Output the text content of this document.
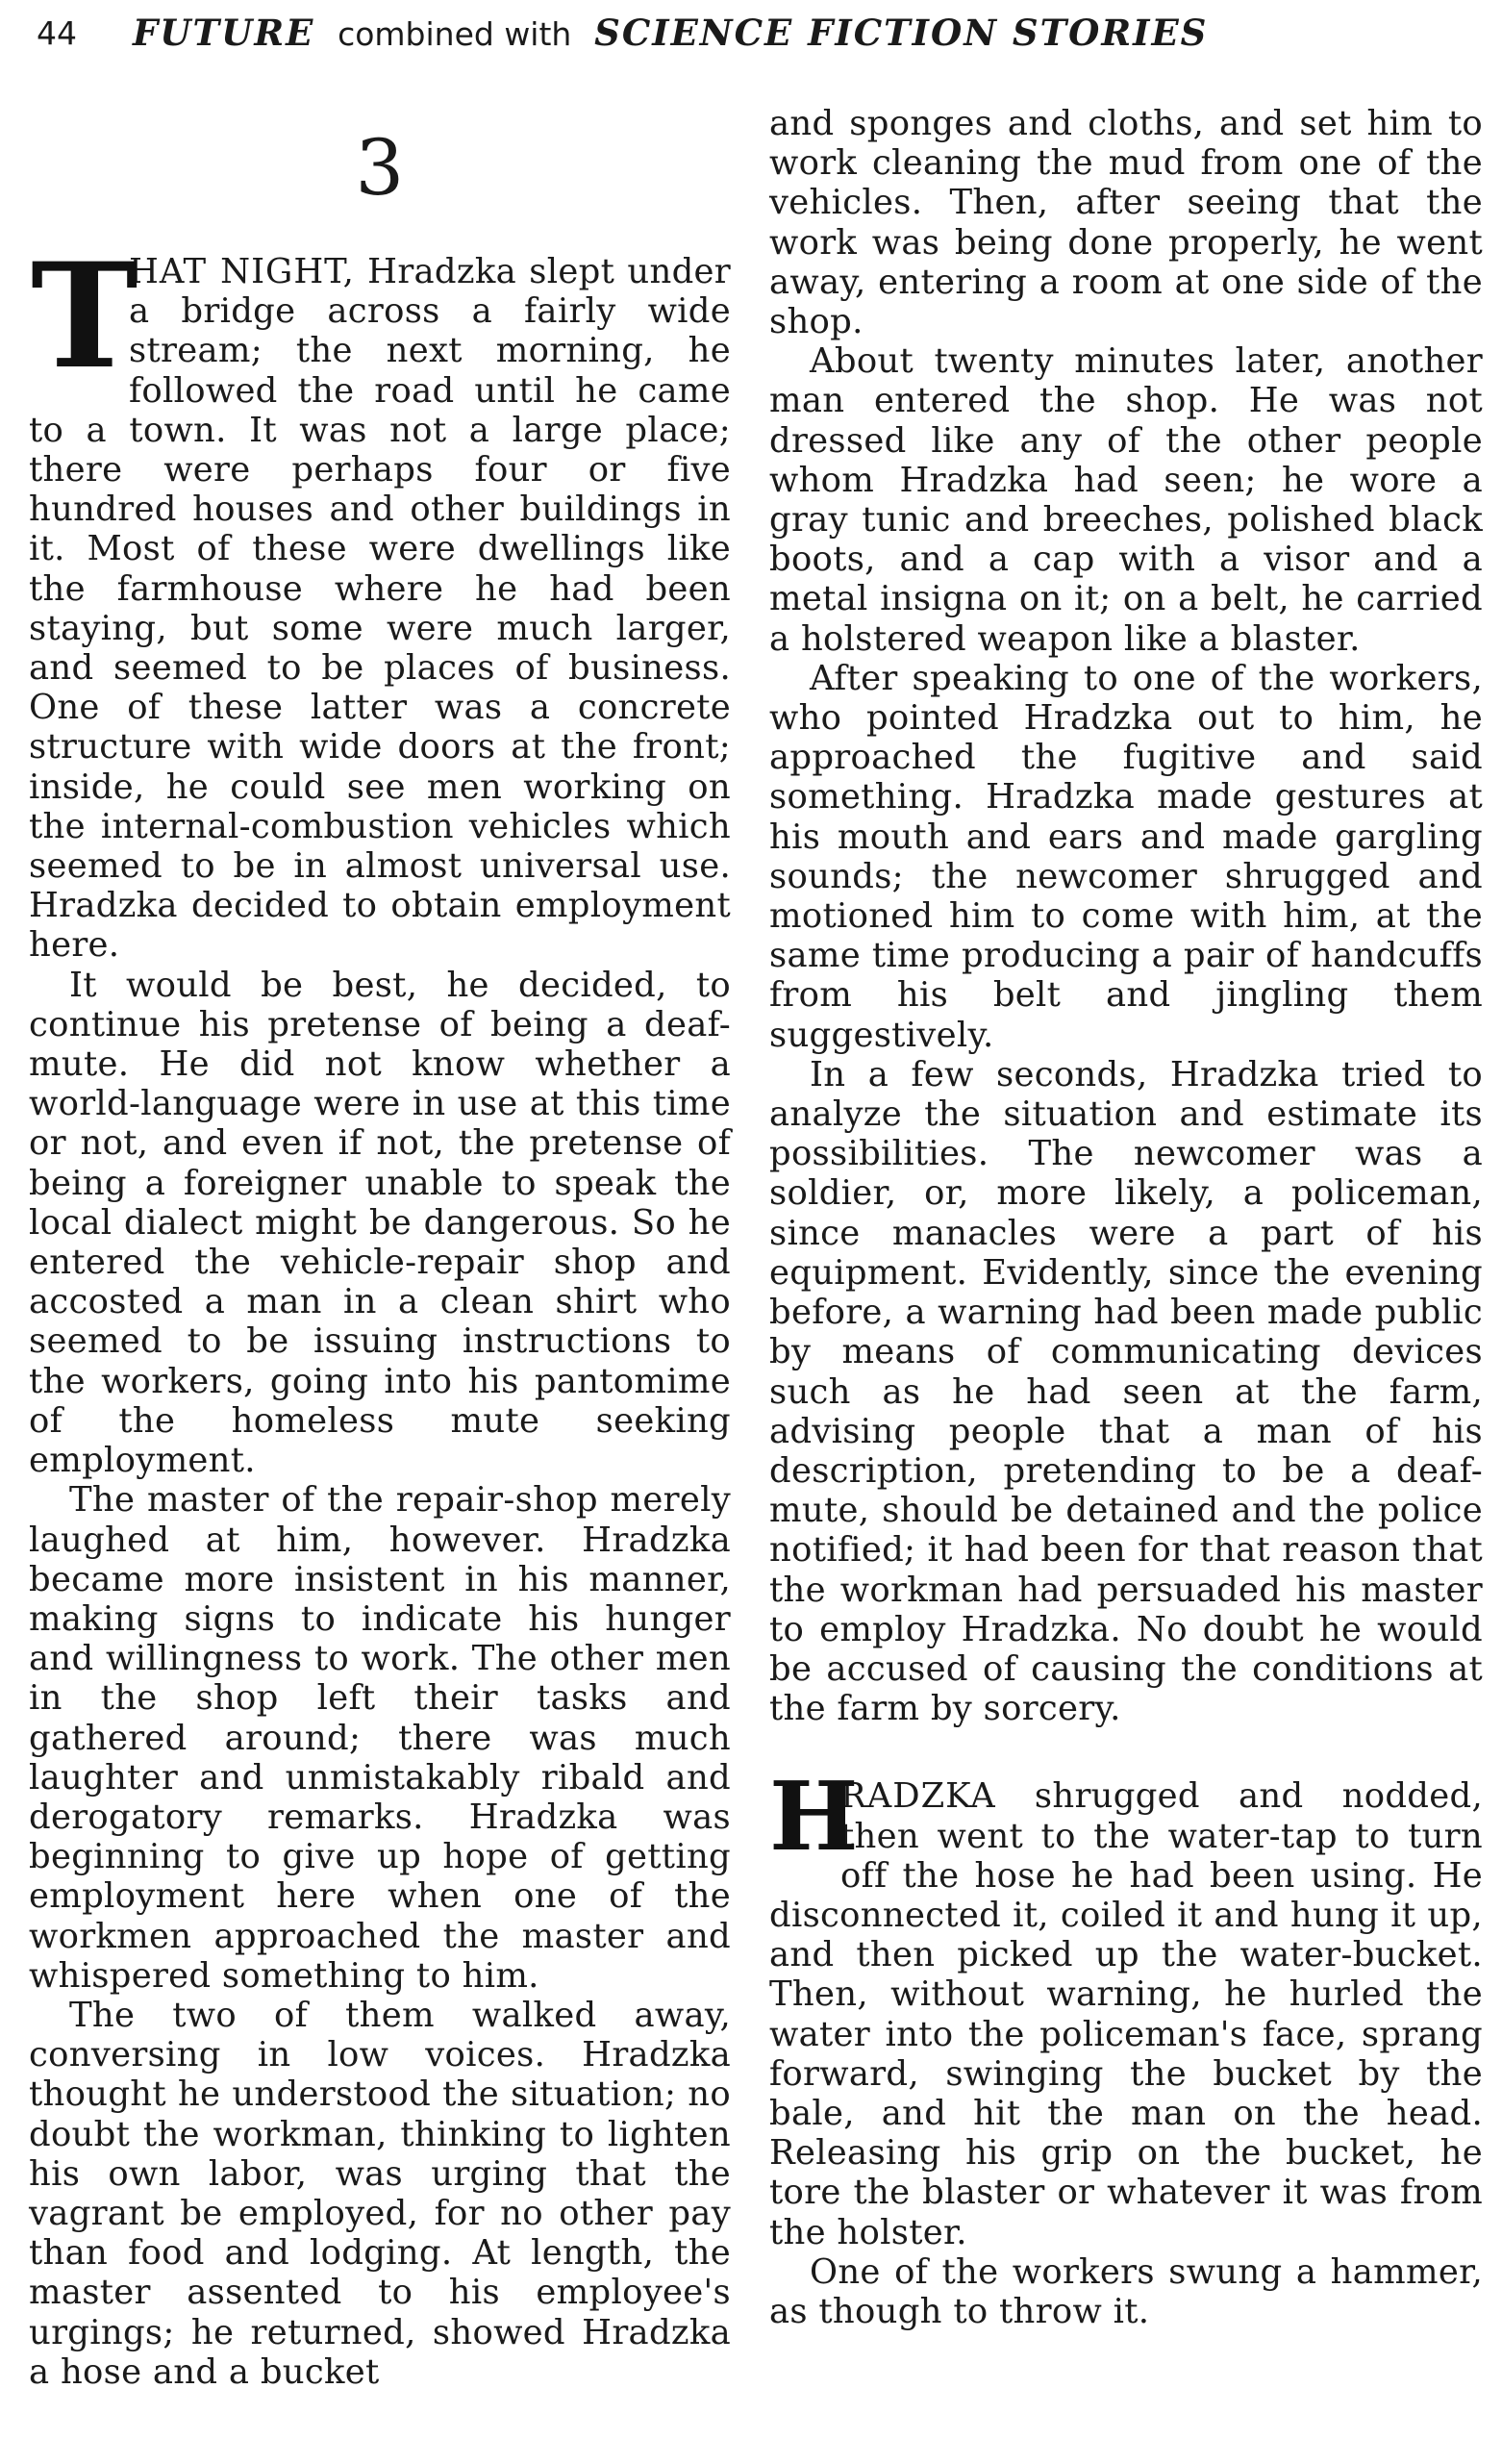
44 FUTURE combined with SCIENCE FICTION STORIES
3

T
HAT NIGHT, Hradzka slept under a bridge across a fairly wide stream; the next morning, he followed the road until he came to a town. It was not a large place; there were perhaps four or five hundred houses and other buildings in it. Most of these were dwellings like the farmhouse where he had been staying, but some were much larger, and seemed to be places of business. One of these latter was a concrete structure with wide doors at the front; inside, he could see men working on the internal-combustion vehicles which seemed to be in almost universal use. Hradzka decided to obtain employment here.

It would be best, he decided, to continue his pretense of being a deaf-mute. He did not know whether a world-language were in use at this time or not, and even if not, the pretense of being a foreigner unable to speak the local dialect might be dangerous. So he entered the vehicle-repair shop and accosted a man in a clean shirt who seemed to be issuing instructions to the workers, going into his pantomime of the homeless mute seeking employment.

The master of the repair-shop merely laughed at him, however. Hradzka became more insistent in his manner, making signs to indicate his hunger and willingness to work. The other men in the shop left their tasks and gathered around; there was much laughter and unmistakably ribald and derogatory remarks. Hradzka was beginning to give up hope of getting employment here when one of the workmen approached the master and whispered something to him.

The two of them walked away, conversing in low voices. Hradzka thought he understood the situation; no doubt the workman, thinking to lighten his own labor, was urging that the vagrant be employed, for no other pay than food and lodging. At length, the master assented to his employee's urgings; he returned, showed Hradzka a hose and a bucket

and sponges and cloths, and set him to work cleaning the mud from one of the vehicles. Then, after seeing that the work was being done properly, he went away, entering a room at one side of the shop.

About twenty minutes later, another man entered the shop. He was not dressed like any of the other people whom Hradzka had seen; he wore a gray tunic and breeches, polished black boots, and a cap with a visor and a metal insigna on it; on a belt, he carried a holstered weapon like a blaster.

After speaking to one of the workers, who pointed Hradzka out to him, he approached the fugitive and said something. Hradzka made gestures at his mouth and ears and made gargling sounds; the newcomer shrugged and motioned him to come with him, at the same time producing a pair of handcuffs from his belt and jingling them suggestively.

In a few seconds, Hradzka tried to analyze the situation and estimate its possibilities. The newcomer was a soldier, or, more likely, a policeman, since manacles were a part of his equipment. Evidently, since the evening before, a warning had been made public by means of communicating devices such as he had seen at the farm, advising people that a man of his description, pretending to be a deaf-mute, should be detained and the police notified; it had been for that reason that the workman had persuaded his master to employ Hradzka. No doubt he would be accused of causing the conditions at the farm by sorcery.

H
RADZKA shrugged and nodded, then went to the water-tap to turn off the hose he had been using. He disconnected it, coiled it and hung it up, and then picked up the water-bucket. Then, without warning, he hurled the water into the policeman's face, sprang forward, swinging the bucket by the bale, and hit the man on the head. Releasing his grip on the bucket, he tore the blaster or whatever it was from the holster.

One of the workers swung a hammer, as though to throw it.
